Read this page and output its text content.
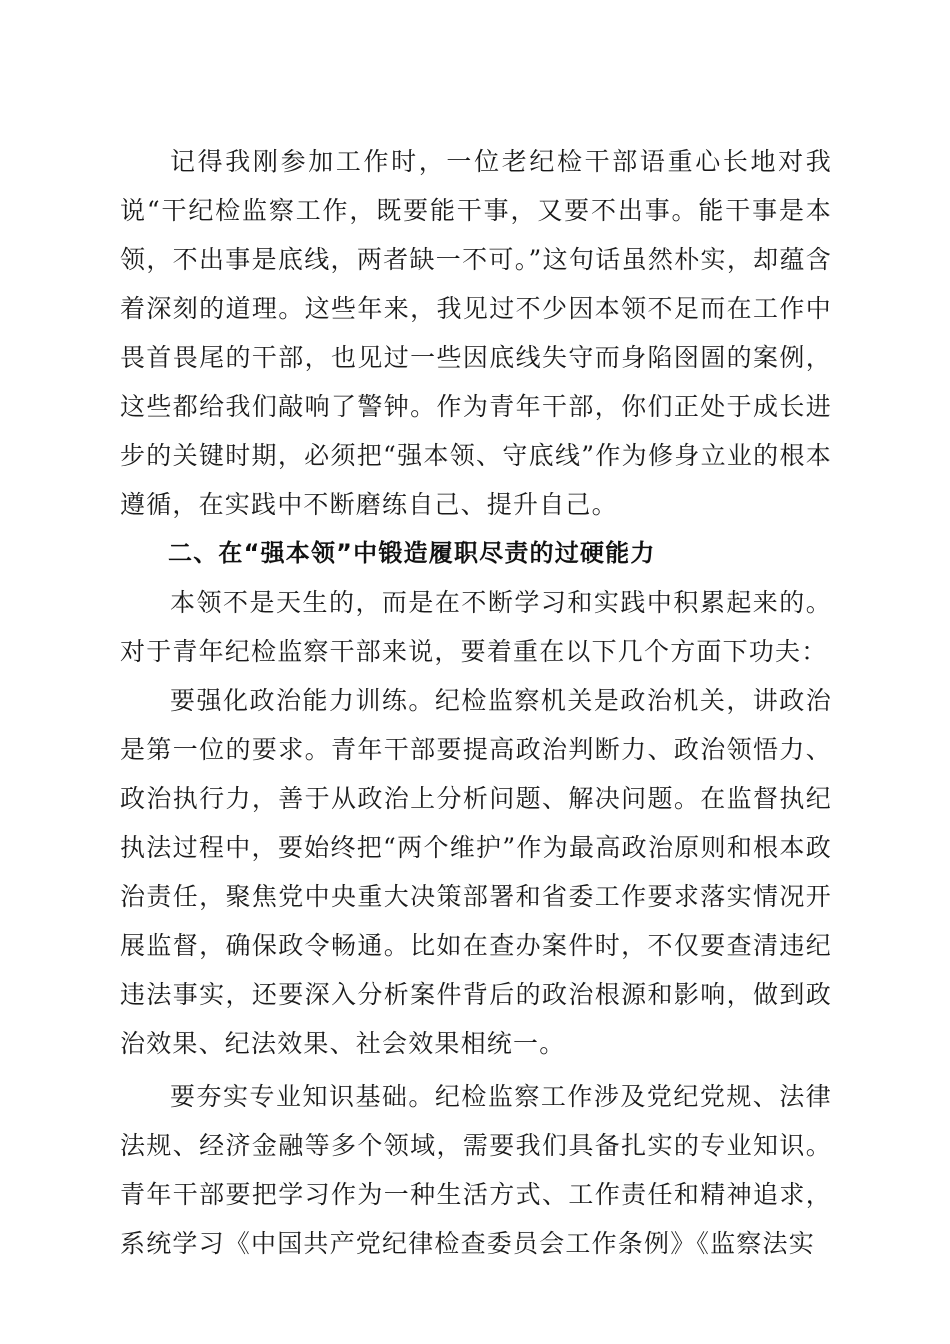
记得我刚参加工作时，一位老纪检干部语重心长地对我说“干纪检监察工作，既要能干事，又要不出事。能干事是本领，不出事是底线，两者缺一不可。”这句话虽然朴实，却蕴含着深刻的道理。这些年来，我见过不少因本领不足而在工作中畏首畏尾的干部，也见过一些因底线失守而身陷囹圄的案例，这些都给我们敲响了警钟。作为青年干部，你们正处于成长进步的关键时期，必须把“强本领、守底线”作为修身立业的根本遵循，在实践中不断磨练自己、提升自己。

二、在“强本领”中锻造履职尽责的过硬能力

本领不是天生的，而是在不断学习和实践中积累起来的。对于青年纪检监察干部来说，要着重在以下几个方面下功夫：

要强化政治能力训练。纪检监察机关是政治机关，讲政治是第一位的要求。青年干部要提高政治判断力、政治领悟力、政治执行力，善于从政治上分析问题、解决问题。在监督执纪执法过程中，要始终把“两个维护”作为最高政治原则和根本政治责任，聚焦党中央重大决策部署和省委工作要求落实情况开展监督，确保政令畅通。比如在查办案件时，不仅要查清违纪违法事实，还要深入分析案件背后的政治根源和影响，做到政治效果、纪法效果、社会效果相统一。

要夯实专业知识基础。纪检监察工作涉及党纪党规、法律法规、经济金融等多个领域，需要我们具备扎实的专业知识。青年干部要把学习作为一种生活方式、工作责任和精神追求，系统学习《中国共产党纪律检查委员会工作条例》《监察法实
